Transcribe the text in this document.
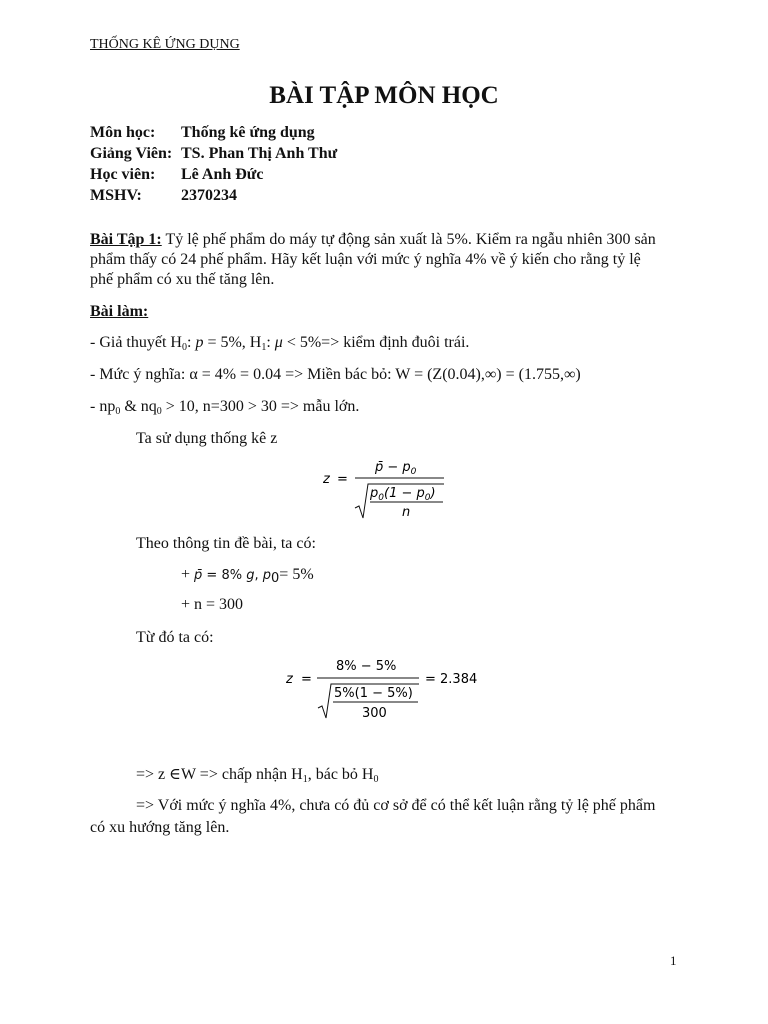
THỐNG KÊ ỨNG DỤNG
BÀI TẬP MÔN HỌC
Môn học: Thống kê ứng dụng
Giảng Viên: TS. Phan Thị Anh Thư
Học viên: Lê Anh Đức
MSHV: 2370234
Bài Tập 1: Tỷ lệ phế phẩm do máy tự động sản xuất là 5%. Kiểm ra ngẫu nhiên 300 sản
phẩm thấy có 24 phế phẩm. Hãy kết luận với mức ý nghĩa 4% về ý kiến cho rằng tỷ lệ
phế phẩm có xu thế tăng lên.
Bài làm:
- Giả thuyết $H_0$: p = 5%, $H_1$: μ < 5%=> kiểm định đuôi trái.
- Mức ý nghĩa: α = 4% = 0.04 => Miền bác bỏ: W = (Z(0.04),∞) = (1.755,∞)
- $np_0$ & $nq_0 > 10$, n=300 > 30 => mẫu lớn.
Ta sử dụng thống kê z
z =
p̄ − $p_0$
$p_0(1 - p_0)$
n
Theo thông tin đề bài, ta có:
+ p̄ = 8% g, $p_0= 5\%$
+ n = 300
Từ đó ta có:
z =
8% − 5%
5%(1 − 5%)
300
= 2.384
=> z ∈W => chấp nhận $H_1$, bác bỏ $H_0$
=> Với mức ý nghĩa 4%, chưa có đủ cơ sở để có thể kết luận rằng tỷ lệ phế phẩm
có xu hướng tăng lên.
1
